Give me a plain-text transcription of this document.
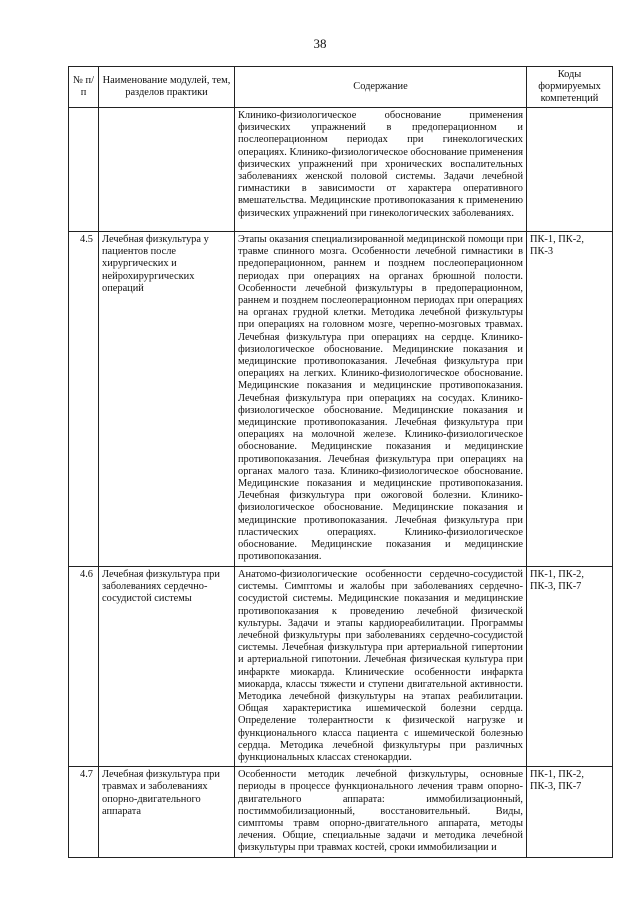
38
№ п/п	Наименование модулей, тем, разделов практики	Содержание	Коды формируемых компетенций
		Клинико-физиологическое обоснование применения физических упражнений в предоперационном и послеоперационном периодах при гинекологических операциях. Клинико-физиологическое обоснование применения физических упражнений при хронических воспалительных заболеваниях женской половой системы. Задачи лечебной гимнастики в зависимости от характера оперативного вмешательства. Медицинские противопоказания к применению физических упражнений при гинекологических заболеваниях.	
4.5	Лечебная физкультура у пациентов после хирургических и нейрохирургических операций	Этапы оказания специализированной медицинской помощи при травме спинного мозга. Особенности лечебной гимнастики в предоперационном, раннем и позднем послеоперационном периодах при операциях на органах брюшной полости. Особенности лечебной физкультуры в предоперационном, раннем и позднем послеоперационном периодах при операциях на органах грудной клетки. Методика лечебной физкультуры при операциях на головном мозге, черепно-мозговых травмах. Лечебная физкультура при операциях на сердце. Клинико-физиологическое обоснование. Медицинские показания и медицинские противопоказания. Лечебная физкультура при операциях на легких. Клинико-физиологическое обоснование. Медицинские показания и медицинские противопоказания. Лечебная физкультура при операциях на сосудах. Клинико-физиологическое обоснование. Медицинские показания и медицинские противопоказания. Лечебная физкультура при операциях на молочной железе. Клинико-физиологическое обоснование. Медицинские показания и медицинские противопоказания. Лечебная физкультура при операциях на органах малого таза. Клинико-физиологическое обоснование. Медицинские показания и медицинские противопоказания. Лечебная физкультура при ожоговой болезни. Клинико-физиологическое обоснование. Медицинские показания и медицинские противопоказания. Лечебная физкультура при пластических операциях. Клинико-физиологическое обоснование. Медицинские показания и медицинские противопоказания.	ПК-1, ПК-2, ПК-3
4.6	Лечебная физкультура при заболеваниях сердечно-сосудистой системы	Анатомо-физиологические особенности сердечно-сосудистой системы. Симптомы и жалобы при заболеваниях сердечно-сосудистой системы. Медицинские показания и медицинские противопоказания к проведению лечебной физической культуры. Задачи и этапы кардиореабилитации. Программы лечебной физкультуры при заболеваниях сердечно-сосудистой системы. Лечебная физкультура при артериальной гипертонии и артериальной гипотонии. Лечебная физическая культура при инфаркте миокарда. Клинические особенности инфаркта миокарда, классы тяжести и ступени двигательной активности. Методика лечебной физкультуры на этапах реабилитации. Общая характеристика ишемической болезни сердца. Определение толерантности к физической нагрузке и функционального класса пациента с ишемической болезнью сердца. Методика лечебной физкультуры при различных функциональных классах стенокардии.	ПК-1, ПК-2, ПК-3, ПК-7
4.7	Лечебная физкультура при травмах и заболеваниях опорно-двигательного аппарата	Особенности методик лечебной физкультуры, основные периоды в процессе функционального лечения травм опорно-двигательного аппарата: иммобилизационный, постиммобилизационный, восстановительный. Виды, симптомы травм опорно-двигательного аппарата, методы лечения. Общие, специальные задачи и методика лечебной физкультуры при травмах костей, сроки иммобилизации и	ПК-1, ПК-2, ПК-3, ПК-7
